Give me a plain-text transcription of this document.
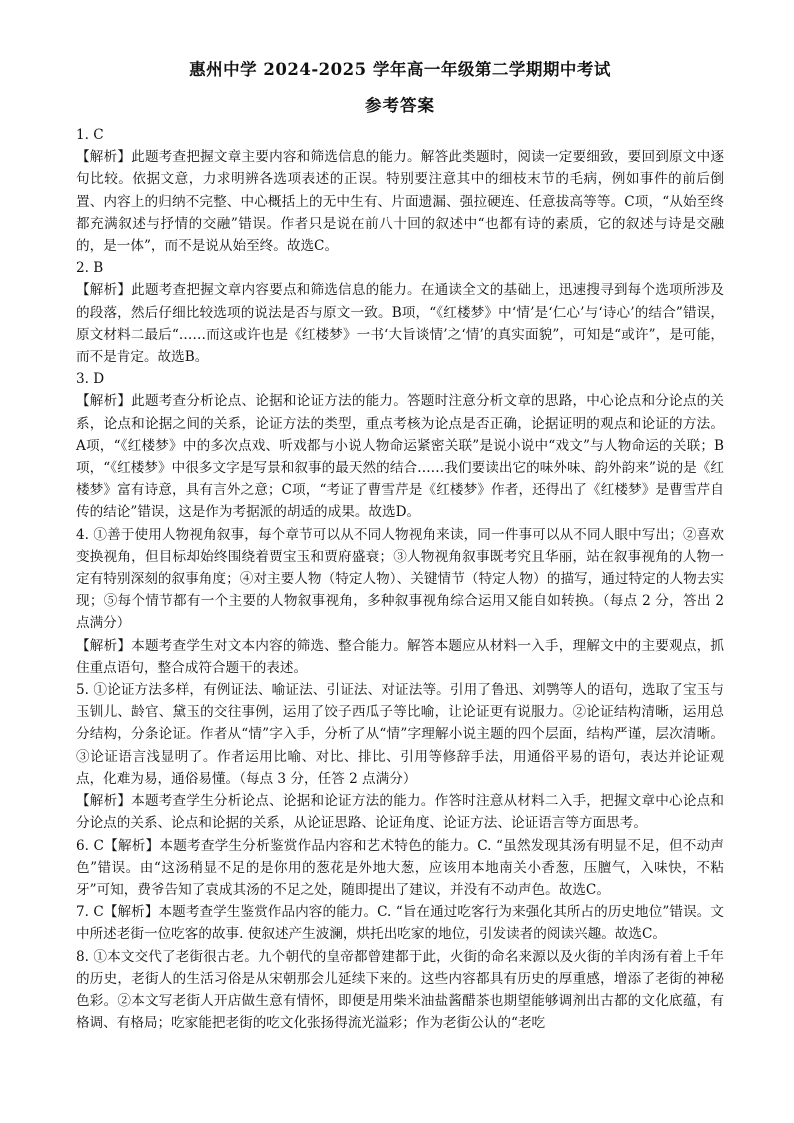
惠州中学 2024-2025 学年高一年级第二学期期中考试

参考答案

1. C

【解析】此题考查把握文章主要内容和筛选信息的能力。解答此类题时，阅读一定要细致，要回到原文中逐句比较。依据文意，力求明辨各选项表述的正误。特别要注意其中的细枝末节的毛病，例如事件的前后倒置、内容上的归纳不完整、中心概括上的无中生有、片面遗漏、强拉硬连、任意拔高等等。C项，“从始至终都充满叙述与抒情的交融”错误。作者只是说在前八十回的叙述中“也都有诗的素质，它的叙述与诗是交融的，是一体”，而不是说从始至终。故选C。

2. B

【解析】此题考查把握文章内容要点和筛选信息的能力。在通读全文的基础上，迅速搜寻到每个选项所涉及的段落，然后仔细比较选项的说法是否与原文一致。B项，“《红楼梦》中‘情’是‘仁心’与‘诗心’的结合”错误，原文材料二最后“……而这或许也是《红楼梦》一书‘大旨谈情’之‘情’的真实面貌”，可知是“或许”，是可能，而不是肯定。故选B。

3. D

【解析】此题考查分析论点、论据和论证方法的能力。答题时注意分析文章的思路，中心论点和分论点的关系，论点和论据之间的关系，论证方法的类型，重点考核为论点是否正确，论据证明的观点和论证的方法。A项，“《红楼梦》中的多次点戏、听戏都与小说人物命运紧密关联”是说小说中“戏文”与人物命运的关联；B项，“《红楼梦》中很多文字是写景和叙事的最天然的结合……我们要读出它的味外味、韵外韵来”说的是《红楼梦》富有诗意，具有言外之意；C项，“考证了曹雪芹是《红楼梦》作者，还得出了《红楼梦》是曹雪芹自传的结论”错误，这是作为考据派的胡适的成果。故选D。

4. ①善于使用人物视角叙事，每个章节可以从不同人物视角来读，同一件事可以从不同人眼中写出；②喜欢变换视角，但目标却始终围绕着贾宝玉和贾府盛衰；③人物视角叙事既考究且华丽，站在叙事视角的人物一定有特别深刻的叙事角度；④对主要人物（特定人物）、关键情节（特定人物）的描写，通过特定的人物去实现；⑤每个情节都有一个主要的人物叙事视角，多种叙事视角综合运用又能自如转换。（每点 2 分，答出 2 点满分）

【解析】本题考查学生对文本内容的筛选、整合能力。解答本题应从材料一入手，理解文中的主要观点，抓住重点语句，整合成符合题干的表述。

5. ①论证方法多样，有例证法、喻证法、引证法、对证法等。引用了鲁迅、刘鹗等人的语句，选取了宝玉与玉钏儿、龄官、黛玉的交往事例，运用了饺子西瓜子等比喻，让论证更有说服力。②论证结构清晰，运用总分结构，分条论证。作者从“情”字入手，分析了从“情”字理解小说主题的四个层面，结构严谨，层次清晰。③论证语言浅显明了。作者运用比喻、对比、排比、引用等修辞手法，用通俗平易的语句，表达并论证观点，化难为易，通俗易懂。（每点 3 分，任答 2 点满分）

【解析】本题考查学生分析论点、论据和论证方法的能力。作答时注意从材料二入手，把握文章中心论点和分论点的关系、论点和论据的关系，从论证思路、论证角度、论证方法、论证语言等方面思考。

6. C【解析】本题考查学生分析鉴赏作品内容和艺术特色的能力。C. “虽然发现其汤有明显不足，但不动声色”错误。由“这汤稍显不足的是你用的葱花是外地大葱，应该用本地南关小香葱，压膻气，入味快，不粘牙”可知，费爷告知了袁成其汤的不足之处，随即提出了建议，并没有不动声色。故选C。

7. C【解析】本题考查学生鉴赏作品内容的能力。C. “旨在通过吃客行为来强化其所占的历史地位”错误。文中所述老街一位吃客的故事. 使叙述产生波澜，烘托出吃家的地位，引发读者的阅读兴趣。故选C。

8. ①本文交代了老街很古老。九个朝代的皇帝都曾建都于此，火街的命名来源以及火街的羊肉汤有着上千年的历史，老街人的生活习俗是从宋朝那会儿延续下来的。这些内容都具有历史的厚重感，增添了老街的神秘色彩。②本文写老街人开店做生意有情怀，即便是用柴米油盐酱醋茶也期望能够调剂出古都的文化底蕴，有格调、有格局；吃家能把老街的吃文化张扬得流光溢彩；作为老街公认的“老吃
